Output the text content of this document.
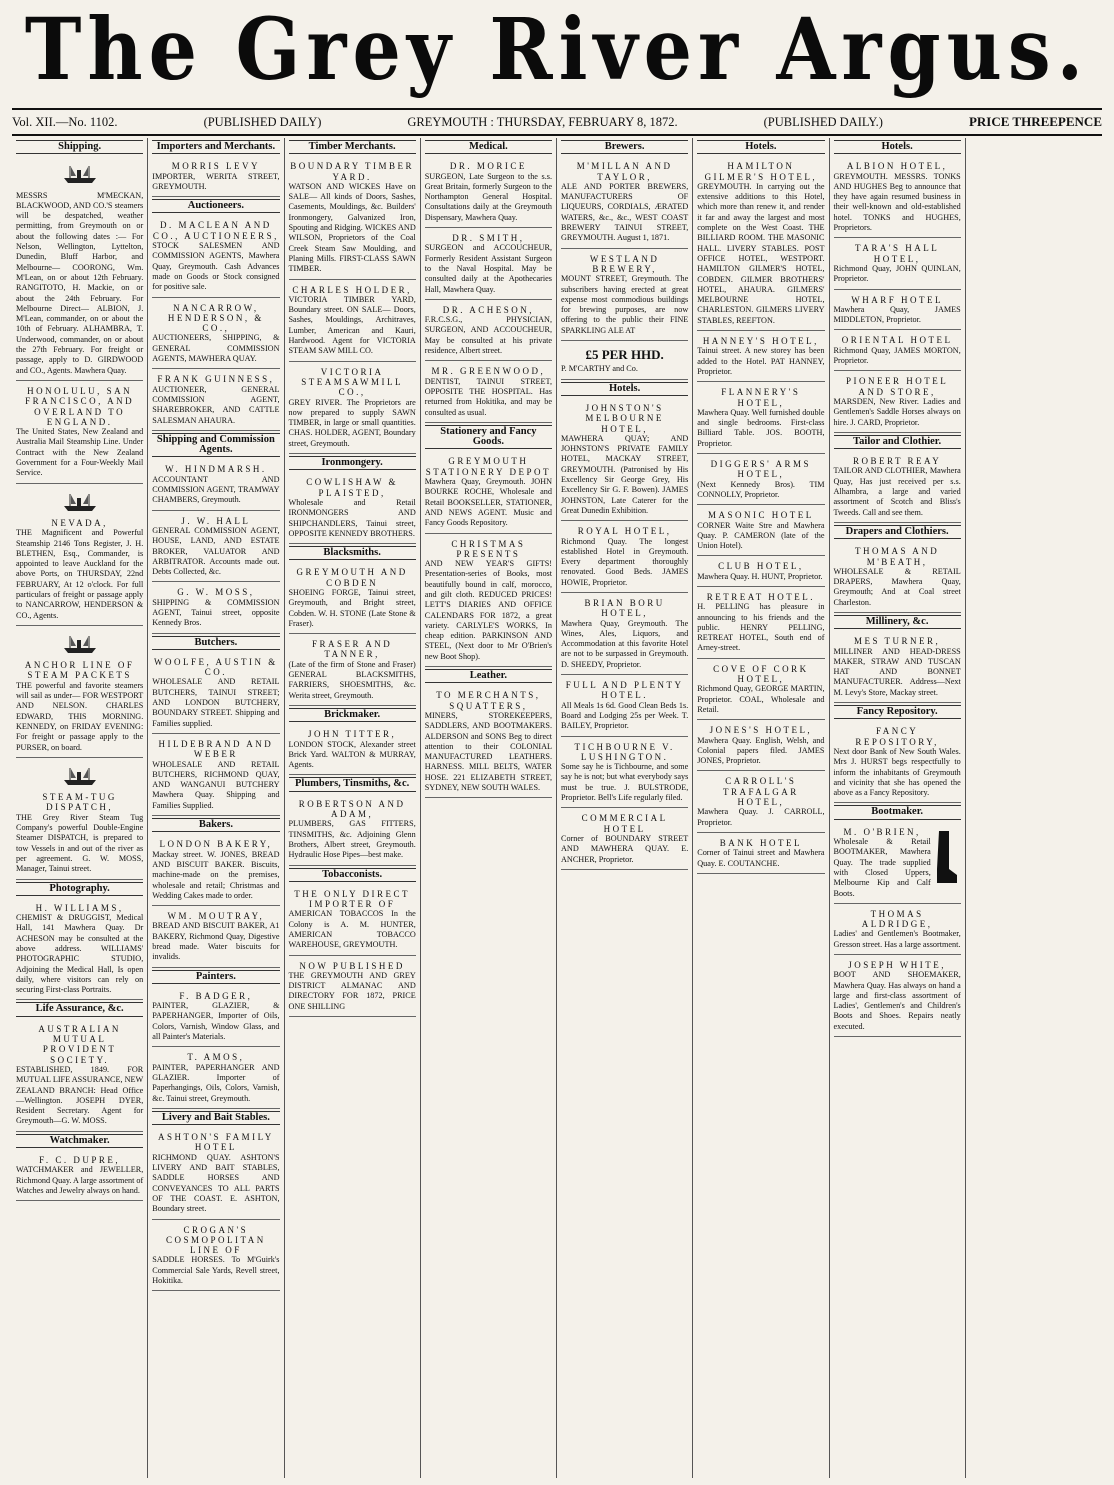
The Grey River Argus.
Vol. XII.—No. 1102.	(PUBLISHED DAILY)	GREYMOUTH : THURSDAY, FEBRUARY 8, 1872.	(PUBLISHED DAILY.)	PRICE THREEPENCE
Shipping.
MESSRS M'MECKAN, BLACKWOOD, AND CO.'S steamers will be despatched, weather permitting, from Greymouth on or about the following dates :— For Nelson, Wellington, Lyttelton, Dunedin, Bluff Harbor, and Melbourne— COORONG, Wm. M'Lean, on or about 12th February. RANGITOTO, H. Mackie, on or about the 24th February. For Melbourne Direct— ALBION, J. M'Lean, commander, on or about the 10th of February. ALHAMBRA, T. Underwood, commander, on or about the 27th February. For freight or passage, apply to D. GIRDWOOD and CO., Agents. Mawhera Quay.
HONOLULU, SAN FRANCISCO, AND OVERLAND TO ENGLAND.
The United States, New Zealand and Australia Mail Steamship Line. Under Contract with the New Zealand Government for a Four-Weekly Mail Service.
NEVADA,
THE Magnificent and Powerful Steamship 2146 Tons Register, J. H. BLETHEN, Esq., Commander, is appointed to leave Auckland for the above Ports, on THURSDAY, 22nd FEBRUARY, At 12 o'clock. For full particulars of freight or passage apply to NANCARROW, HENDERSON & CO., Agents.
ANCHOR LINE OF STEAM PACKETS
THE powerful and favorite steamers will sail as under— FOR WESTPORT AND NELSON. CHARLES EDWARD, THIS MORNING. KENNEDY, on FRIDAY EVENING: For freight or passage apply to the PURSER, on board.
STEAM-TUG DISPATCH,
THE Grey River Steam Tug Company's powerful Double-Engine Steamer DISPATCH, is prepared to tow Vessels in and out of the river as per agreement. G. W. MOSS, Manager, Tainui street.
Photography.
H. WILLIAMS,
CHEMIST & DRUGGIST, Medical Hall, 141 Mawhera Quay. Dr ACHESON may be consulted at the above address. WILLIAMS' PHOTOGRAPHIC STUDIO, Adjoining the Medical Hall, Is open daily, where visitors can rely on securing First-class Portraits.
Life Assurance, &c.
AUSTRALIAN MUTUAL PROVIDENT SOCIETY.
ESTABLISHED, 1849. FOR MUTUAL LIFE ASSURANCE, NEW ZEALAND BRANCH: Head Office—Wellington. JOSEPH DYER, Resident Secretary. Agent for Greymouth—G. W. MOSS.
Watchmaker.
F. C. DUPRE,
WATCHMAKER and JEWELLER, Richmond Quay. A large assortment of Watches and Jewelry always on hand.
Importers and Merchants.
MORRIS LEVY
IMPORTER, WERITA STREET, GREYMOUTH.
Auctioneers.
D. MACLEAN AND CO., AUCTIONEERS,
STOCK SALESMEN AND COMMISSION AGENTS, Mawhera Quay, Greymouth. Cash Advances made on Goods or Stock consigned for positive sale.
NANCARROW, HENDERSON, & CO.,
AUCTIONEERS, SHIPPING, & GENERAL COMMISSION AGENTS, MAWHERA QUAY.
FRANK GUINNESS,
AUCTIONEER, GENERAL COMMISSION AGENT, SHAREBROKER, AND CATTLE SALESMAN AHAURA.
Shipping and Commission Agents.
W. HINDMARSH.
ACCOUNTANT AND COMMISSION AGENT, TRAMWAY CHAMBERS, Greymouth.
J. W. HALL
GENERAL COMMISSION AGENT, HOUSE, LAND, AND ESTATE BROKER, VALUATOR AND ARBITRATOR. Accounts made out. Debts Collected, &c.
G. W. MOSS,
SHIPPING & COMMISSION AGENT, Tainui street, opposite Kennedy Bros.
Butchers.
WOOLFE, AUSTIN & CO.
WHOLESALE AND RETAIL BUTCHERS, TAINUI STREET; AND LONDON BUTCHERY, BOUNDARY STREET. Shipping and Families supplied.
HILDEBRAND AND WEBER
WHOLESALE AND RETAIL BUTCHERS, RICHMOND QUAY, AND WANGANUI BUTCHERY Mawhera Quay. Shipping and Families Supplied.
Bakers.
LONDON BAKERY,
Mackay street. W. JONES, BREAD AND BISCUIT BAKER. Biscuits, machine-made on the premises, wholesale and retail; Christmas and Wedding Cakes made to order.
WM. MOUTRAY,
BREAD AND BISCUIT BAKER, A1 BAKERY, Richmond Quay, Digestive bread made. Water biscuits for invalids.
Painters.
F. BADGER,
PAINTER, GLAZIER, & PAPERHANGER, Importer of Oils, Colors, Varnish, Window Glass, and all Painter's Materials.
T. AMOS,
PAINTER, PAPERHANGER AND GLAZIER. Importer of Paperhangings, Oils, Colors, Varnish, &c. Tainui street, Greymouth.
Livery and Bait Stables.
ASHTON'S FAMILY HOTEL
RICHMOND QUAY. ASHTON'S LIVERY AND BAIT STABLES, SADDLE HORSES AND CONVEYANCES TO ALL PARTS OF THE COAST. E. ASHTON, Boundary street.
CROGAN'S COSMOPOLITAN LINE OF
SADDLE HORSES. To M'Guirk's Commercial Sale Yards, Revell street, Hokitika.
Timber Merchants.
BOUNDARY TIMBER YARD.
WATSON AND WICKES Have on SALE— All kinds of Doors, Sashes, Casements, Mouldings, &c. Builders' Ironmongery, Galvanized Iron, Spouting and Ridging. WICKES AND WILSON, Proprietors of the Coal Creek Steam Saw Moulding, and Planing Mills. FIRST-CLASS SAWN TIMBER.
CHARLES HOLDER,
VICTORIA TIMBER YARD, Boundary street. ON SALE— Doors, Sashes, Mouldings, Architraves, Lumber, American and Kauri, Hardwood. Agent for VICTORIA STEAM SAW MILL CO.
VICTORIA STEAMSAWMILL CO.,
GREY RIVER. The Proprietors are now prepared to supply SAWN TIMBER, in large or small quantities. CHAS. HOLDER, AGENT, Boundary street, Greymouth.
Ironmongery.
COWLISHAW & PLAISTED,
Wholesale and Retail IRONMONGERS AND SHIPCHANDLERS, Tainui street, OPPOSITE KENNEDY BROTHERS.
Blacksmiths.
GREYMOUTH AND COBDEN
SHOEING FORGE, Tainui street, Greymouth, and Bright street, Cobden. W. H. STONE (Late Stone & Fraser).
FRASER AND TANNER,
(Late of the firm of Stone and Fraser) GENERAL BLACKSMITHS, FARRIERS, SHOESMITHS, &c. Werita street, Greymouth.
Brickmaker.
JOHN TITTER,
LONDON STOCK, Alexander street Brick Yard. WALTON & MURRAY, Agents.
Plumbers, Tinsmiths, &c.
ROBERTSON AND ADAM,
PLUMBERS, GAS FITTERS, TINSMITHS, &c. Adjoining Glenn Brothers, Albert street, Greymouth. Hydraulic Hose Pipes—best make.
Tobacconists.
THE ONLY DIRECT IMPORTER OF
AMERICAN TOBACCOS In the Colony is A. M. HUNTER, AMERICAN TOBACCO WAREHOUSE, GREYMOUTH.
NOW PUBLISHED
THE GREYMOUTH AND GREY DISTRICT ALMANAC AND DIRECTORY FOR 1872, PRICE ONE SHILLING
Medical.
DR. MORICE
SURGEON, Late Surgeon to the s.s. Great Britain, formerly Surgeon to the Northampton General Hospital. Consultations daily at the Greymouth Dispensary, Mawhera Quay.
DR. SMITH,
SURGEON and ACCOUCHEUR, Formerly Resident Assistant Surgeon to the Naval Hospital. May be consulted daily at the Apothecaries Hall, Mawhera Quay.
DR. ACHESON,
F.R.C.S.G., PHYSICIAN, SURGEON, AND ACCOUCHEUR, May be consulted at his private residence, Albert street.
MR. GREENWOOD,
DENTIST, TAINUI STREET, OPPOSITE THE HOSPITAL. Has returned from Hokitika, and may be consulted as usual.
Stationery and Fancy Goods.
GREYMOUTH STATIONERY DEPOT
Mawhera Quay, Greymouth. JOHN BOURKE ROCHE, Wholesale and Retail BOOKSELLER, STATIONER, AND NEWS AGENT. Music and Fancy Goods Repository.
CHRISTMAS PRESENTS
AND NEW YEAR'S GIFTS! Presentation-series of Books, most beautifully bound in calf, morocco, and gilt cloth. REDUCED PRICES! LETT'S DIARIES AND OFFICE CALENDARS FOR 1872, a great variety. CARLYLE'S WORKS, In cheap edition. PARKINSON AND STEEL, (Next door to Mr O'Brien's new Boot Shop).
Leather.
TO MERCHANTS, SQUATTERS,
MINERS, STOREKEEPERS, SADDLERS, AND BOOTMAKERS. ALDERSON and SONS Beg to direct attention to their COLONIAL MANUFACTURED LEATHERS. HARNESS. MILL BELTS, WATER HOSE. 221 ELIZABETH STREET, SYDNEY, NEW SOUTH WALES.
Brewers.
M'MILLAN AND TAYLOR,
ALE AND PORTER BREWERS, MANUFACTURERS OF LIQUEURS, CORDIALS, ÆRATED WATERS, &c., &c., WEST COAST BREWERY TAINUI STREET, GREYMOUTH. August 1, 1871.
WESTLAND BREWERY,
MOUNT STREET, Greymouth. The subscribers having erected at great expense most commodious buildings for brewing purposes, are now offering to the public their FINE SPARKLING ALE AT
£5 PER HHD.
P. M'CARTHY and Co.
Hotels.
JOHNSTON'S MELBOURNE HOTEL,
MAWHERA QUAY; AND JOHNSTON'S PRIVATE FAMILY HOTEL, MACKAY STREET, GREYMOUTH. (Patronised by His Excellency Sir George Grey, His Excellency Sir G. F. Bowen). JAMES JOHNSTON, Late Caterer for the Great Dunedin Exhibition.
ROYAL HOTEL,
Richmond Quay. The longest established Hotel in Greymouth. Every department thoroughly renovated. Good Beds. JAMES HOWIE, Proprietor.
BRIAN BORU HOTEL,
Mawhera Quay, Greymouth. The Wines, Ales, Liquors, and Accommodation at this favorite Hotel are not to be surpassed in Greymouth. D. SHEEDY, Proprietor.
FULL AND PLENTY HOTEL.
All Meals 1s 6d. Good Clean Beds 1s. Board and Lodging 25s per Week. T. BAILEY, Proprietor.
TICHBOURNE V. LUSHINGTON.
Some say he is Tichbourne, and some say he is not; but what everybody says must be true. J. BULSTRODE, Proprietor. Bell's Life regularly filed.
COMMERCIAL HOTEL
Corner of BOUNDARY STREET AND MAWHERA QUAY. E. ANCHER, Proprietor.
Hotels.
HAMILTON GILMER'S HOTEL,
GREYMOUTH. In carrying out the extensive additions to this Hotel, which more than renew it, and render it far and away the largest and most complete on the West Coast. THE BILLIARD ROOM. THE MASONIC HALL. LIVERY STABLES. POST OFFICE HOTEL, WESTPORT. HAMILTON GILMER'S HOTEL, COBDEN. GILMER BROTHERS' HOTEL, AHAURA. GILMERS' MELBOURNE HOTEL, CHARLESTON. GILMERS LIVERY STABLES, REEFTON.
HANNEY'S HOTEL,
Tainui street. A new storey has been added to the Hotel. PAT HANNEY, Proprietor.
FLANNERY'S HOTEL,
Mawhera Quay. Well furnished double and single bedrooms. First-class Billiard Table. JOS. BOOTH, Proprietor.
DIGGERS' ARMS HOTEL,
(Next Kennedy Bros). TIM CONNOLLY, Proprietor.
MASONIC HOTEL
CORNER Waite Stre and Mawhera Quay. P. CAMERON (late of the Union Hotel).
CLUB HOTEL,
Mawhera Quay. H. HUNT, Proprietor.
RETREAT HOTEL.
H. PELLING has pleasure in announcing to his friends and the public. HENRY PELLING, RETREAT HOTEL, South end of Arney-street.
COVE OF CORK HOTEL,
Richmond Quay, GEORGE MARTIN, Proprietor. COAL, Wholesale and Retail.
JONES'S HOTEL,
Mawhera Quay. English, Welsh, and Colonial papers filed. JAMES JONES, Proprietor.
CARROLL'S TRAFALGAR HOTEL,
Mawhera Quay. J. CARROLL, Proprietor.
BANK HOTEL
Corner of Tainui street and Mawhera Quay. E. COUTANCHE.
Hotels.
ALBION HOTEL,
GREYMOUTH. MESSRS. TONKS AND HUGHES Beg to announce that they have again resumed business in their well-known and old-established hotel. TONKS and HUGHES, Proprietors.
TARA'S HALL HOTEL,
Richmond Quay, JOHN QUINLAN, Proprietor.
WHARF HOTEL
Mawhera Quay, JAMES MIDDLETON, Proprietor.
ORIENTAL HOTEL
Richmond Quay, JAMES MORTON, Proprietor.
PIONEER HOTEL AND STORE,
MARSDEN, New River. Ladies and Gentlemen's Saddle Horses always on hire. J. CARD, Proprietor.
Tailor and Clothier.
ROBERT REAY
TAILOR AND CLOTHIER, Mawhera Quay, Has just received per s.s. Alhambra, a large and varied assortment of Scotch and Bliss's Tweeds. Call and see them.
Drapers and Clothiers.
THOMAS AND M'BEATH,
WHOLESALE & RETAIL DRAPERS, Mawhera Quay, Greymouth; And at Coal street Charleston.
Millinery, &c.
MES TURNER,
MILLINER AND HEAD-DRESS MAKER, STRAW AND TUSCAN HAT AND BONNET MANUFACTURER. Address—Next M. Levy's Store, Mackay street.
Fancy Repository.
FANCY REPOSITORY,
Next door Bank of New South Wales. Mrs J. HURST begs respectfully to inform the inhabitants of Greymouth and vicinity that she has opened the above as a Fancy Repository.
Bootmaker.
M. O'BRIEN,
Wholesale & Retail BOOTMAKER, Mawhera Quay. The trade supplied with Closed Uppers, Melbourne Kip and Calf Boots.
THOMAS ALDRIDGE,
Ladies' and Gentlemen's Bootmaker, Gresson street. Has a large assortment.
JOSEPH WHITE,
BOOT AND SHOEMAKER, Mawhera Quay. Has always on hand a large and first-class assortment of Ladies', Gentlemen's and Children's Boots and Shoes. Repairs neatly executed.
